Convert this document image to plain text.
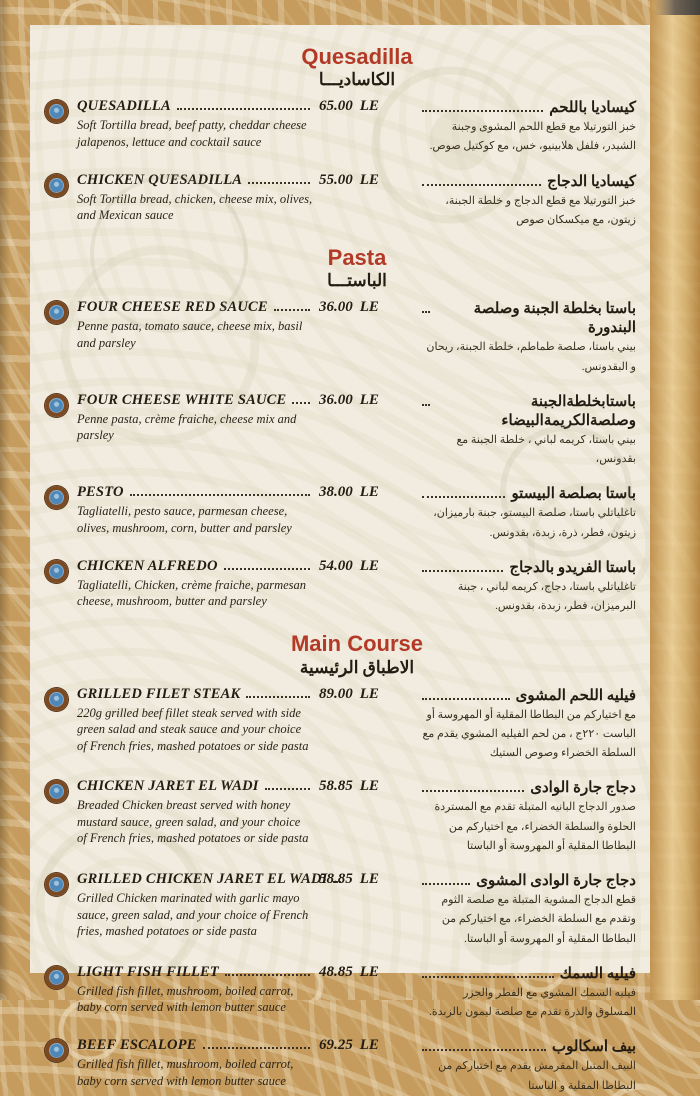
Quesadilla
الكاساديـــا
QUESADILLA
Soft Tortilla bread, beef patty, cheddar cheese jalapenos, lettuce and cocktail sauce
65.00 LE	كيساديا باللحم
خبز التورتيلا مع قطع اللحم المشوى وجبنة الشيدر، فلفل هلابينيو، خس، مع كوكتيل صوص.
CHICKEN QUESADILLA
Soft Tortilla bread, chicken, cheese mix, olives, and Mexican sauce
55.00 LE	كيساديا الدجاج
خبز التورتيلا مع قطع الدجاج و خلطة الجبنة، زيتون، مع ميكسكان صوص
Pasta
الباستـــا
FOUR CHEESE RED SAUCE
Penne pasta, tomato sauce, cheese mix, basil and parsley
36.00 LE	باستا بخلطة الجبنة وصلصة البندورة
بيني باستا، صلصة طماطم، خلطة الجبنة، ريحان و البقدونس.
FOUR CHEESE WHITE SAUCE
Penne pasta, crème fraiche, cheese mix and parsley
36.00 LE	باستابخلطةالجبنة وصلصةالكريمةالبيضاء
بيني باستا، كريمه لباني ، خلطة الجبنة مع بقدونس،
PESTO
Tagliatelli, pesto sauce, parmesan cheese, olives, mushroom, corn, butter and parsley
38.00 LE	باستا بصلصة البيستو
تاغلياتلي باستا، صلصة البيستو، جبنة بارميزان، زيتون، فطر، ذرة، زبدة، بقدونس.
CHICKEN ALFREDO
Tagliatelli, Chicken, crème fraiche, parmesan cheese, mushroom, butter and parsley
54.00 LE	باستا الفريدو بالدجاج
تاغلياتلي باستا، دجاج، كريمه لباني ، جبنة البرميزان، فطر، زبدة، بقدونس.
Main Course
الاطباق الرئيسية
GRILLED FILET STEAK
220g grilled beef fillet steak served with side green salad and steak sauce and your choice of French fries, mashed potatoes or side pasta
89.00 LE	فيليه اللحم المشوى
مع اختياركم من البطاطا المقلية أو المهروسة أو الباست ٢٢٠ج ، من لحم الفيليه المشوي يقدم مع السلطة الخضراء وصوص الستيك
CHICKEN JARET EL WADI
Breaded Chicken breast served with honey mustard sauce, green salad, and your choice of French fries, mashed potatoes or side pasta
58.85 LE	دجاج جارة الوادى
صدور الدجاج البانيه المتبلة تقدم مع المستردة الحلوة والسلطة الخضراء، مع اختياركم من البطاطا المقلية أو المهروسة أو الباستا
GRILLED CHICKEN JARET EL WADI
Grilled Chicken marinated with garlic mayo sauce, green salad, and your choice of French fries, mashed potatoes or side pasta
58.85 LE	دجاج جارة الوادى المشوى
قطع الدجاج المشوية المتبلة مع صلصة الثوم وتقدم مع السلطة الخضراء، مع اختياركم من البطاطا المقلية أو المهروسة أو الباستا.
LIGHT FISH FILLET
Grilled fish fillet, mushroom, boiled carrot, baby corn served with lemon butter sauce
48.85 LE	فيليه السمك
فيليه السمك المشوي مع الفطر والجزر المسلوق والذرة تقدم مع صلصة ليمون بالزبدة.
BEEF ESCALOPE
Grilled fish fillet, mushroom, boiled carrot, baby corn served with lemon butter sauce
69.25 LE	بيف اسكالوب
البيف المتبل المقرمش يقدم مع اختياركم من البطاطا المقلية و الباستا
